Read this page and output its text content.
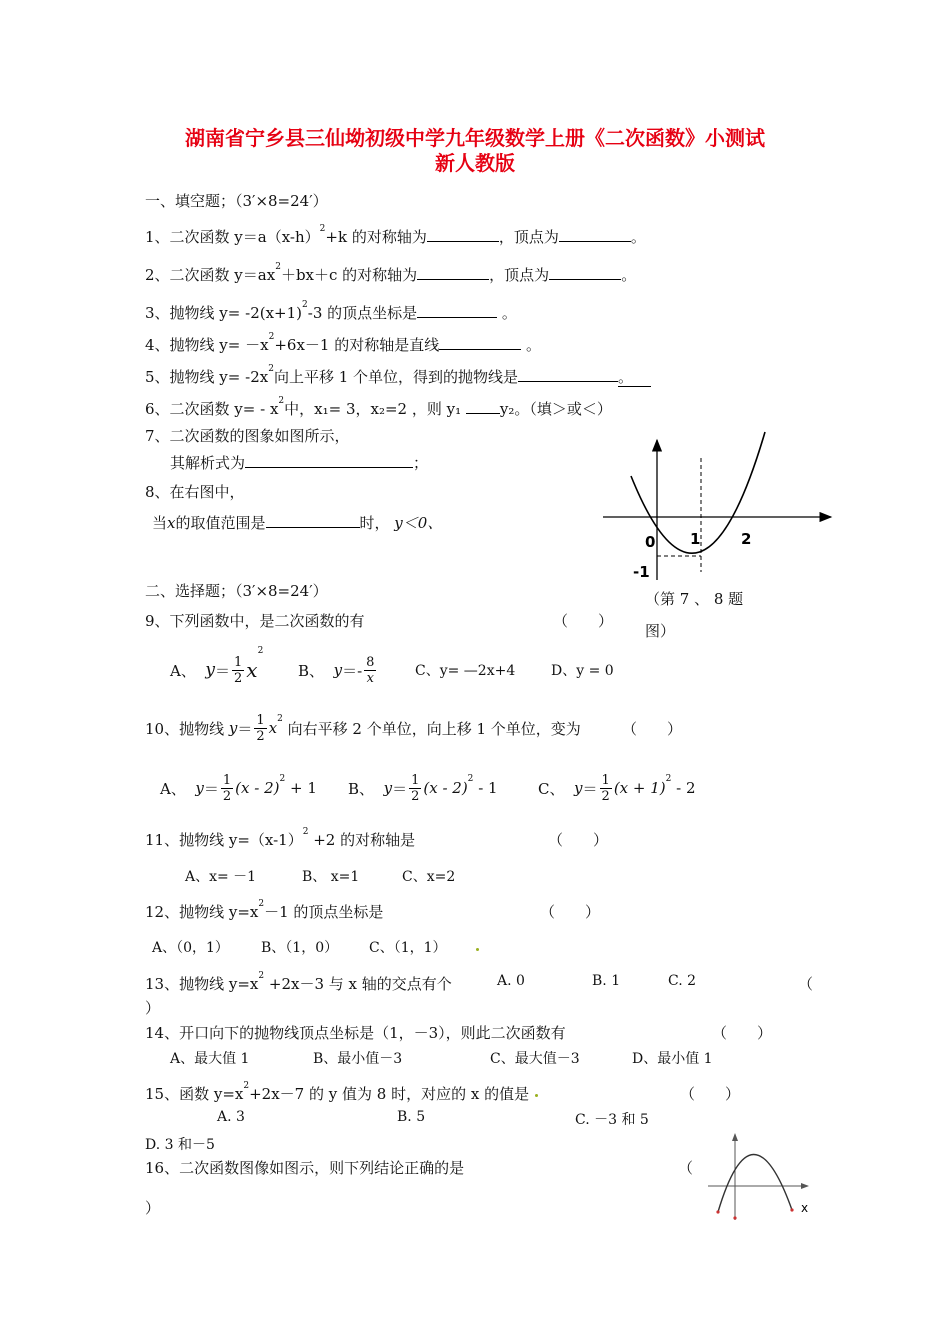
湖南省宁乡县三仙坳初级中学九年级数学上册《二次函数》小测试
新人教版
一、填空题；（3′×8=24′）
1、二次函数 $y=a(x-h)^2+k$ 的对称轴为	，顶点为	。
2、二次函数 $y=ax^2+bx+c$ 的对称轴为	，顶点为	。
3、抛物线 $y= -2(x+1)^2-3$ 的顶点坐标是	。
4、抛物线 $y= -x^2+6x-1$ 的对称轴是直线	。
5、抛物线 $y= -2x^2$向上平移 1 个单位，得到的抛物线是	。
6、二次函数 $y= - x^2$中，x₁= 3，x₂=2 ，则 y₁	y₂。（填＞或＜）
7、二次函数的图象如图所示，
其解析式为	；
8、在右图中，
当x的取值范围是	时， y＜0、
0 1	2
-1
（第 7 、 8 题
图）
二、选择题；（3′×8=24′）
9、下列函数中，是二次函数的有	（　　）
A、
$y = \frac{1}{2}$ x
2
B、
$y =- \frac{8}{x}$	C、y= —2x+4	D、y = 0
10、抛物线
$y = \frac{1}{2}$ x 2

向右平移 2 个单位，向上移 1 个单位，变为	（　　）
A、
$y = \frac{1}{2} (x - 2)$ 2
+ 1 B、
$y = \frac{1}{2} (x - 2)$ 2
- 1	C、
$y = \frac{1}{2} (x + 1)$ 2
- 2
11、抛物线 $y=(x-1)^2 +2$ 的对称轴是	（　　）
A、x= －1	B、 x=1	C、x=2
12、抛物线 $y=x^2-1$ 的顶点坐标是	（　　）
A、（0，1） B、（1，0） C、（1，1）
13、抛物线 $y=x^2 +2x-3$ 与 x 轴的交点有个	A. 0	B. 1	C. 2	（
）
14、开口向下的抛物线顶点坐标是（1，－3），则此二次函数有	（　　）
A、最大值 1	B、最小值－3	C、最大值－3	D、最小值 1
15、函数 $y=x^2+2x-7$ 的 y 值为 8 时，对应的 x 的值是	（　　）
A. 3	B. 5	C. －3 和 5
D. 3 和－5
16、二次函数图像如图示，则下列结论正确的是	（
）	x
